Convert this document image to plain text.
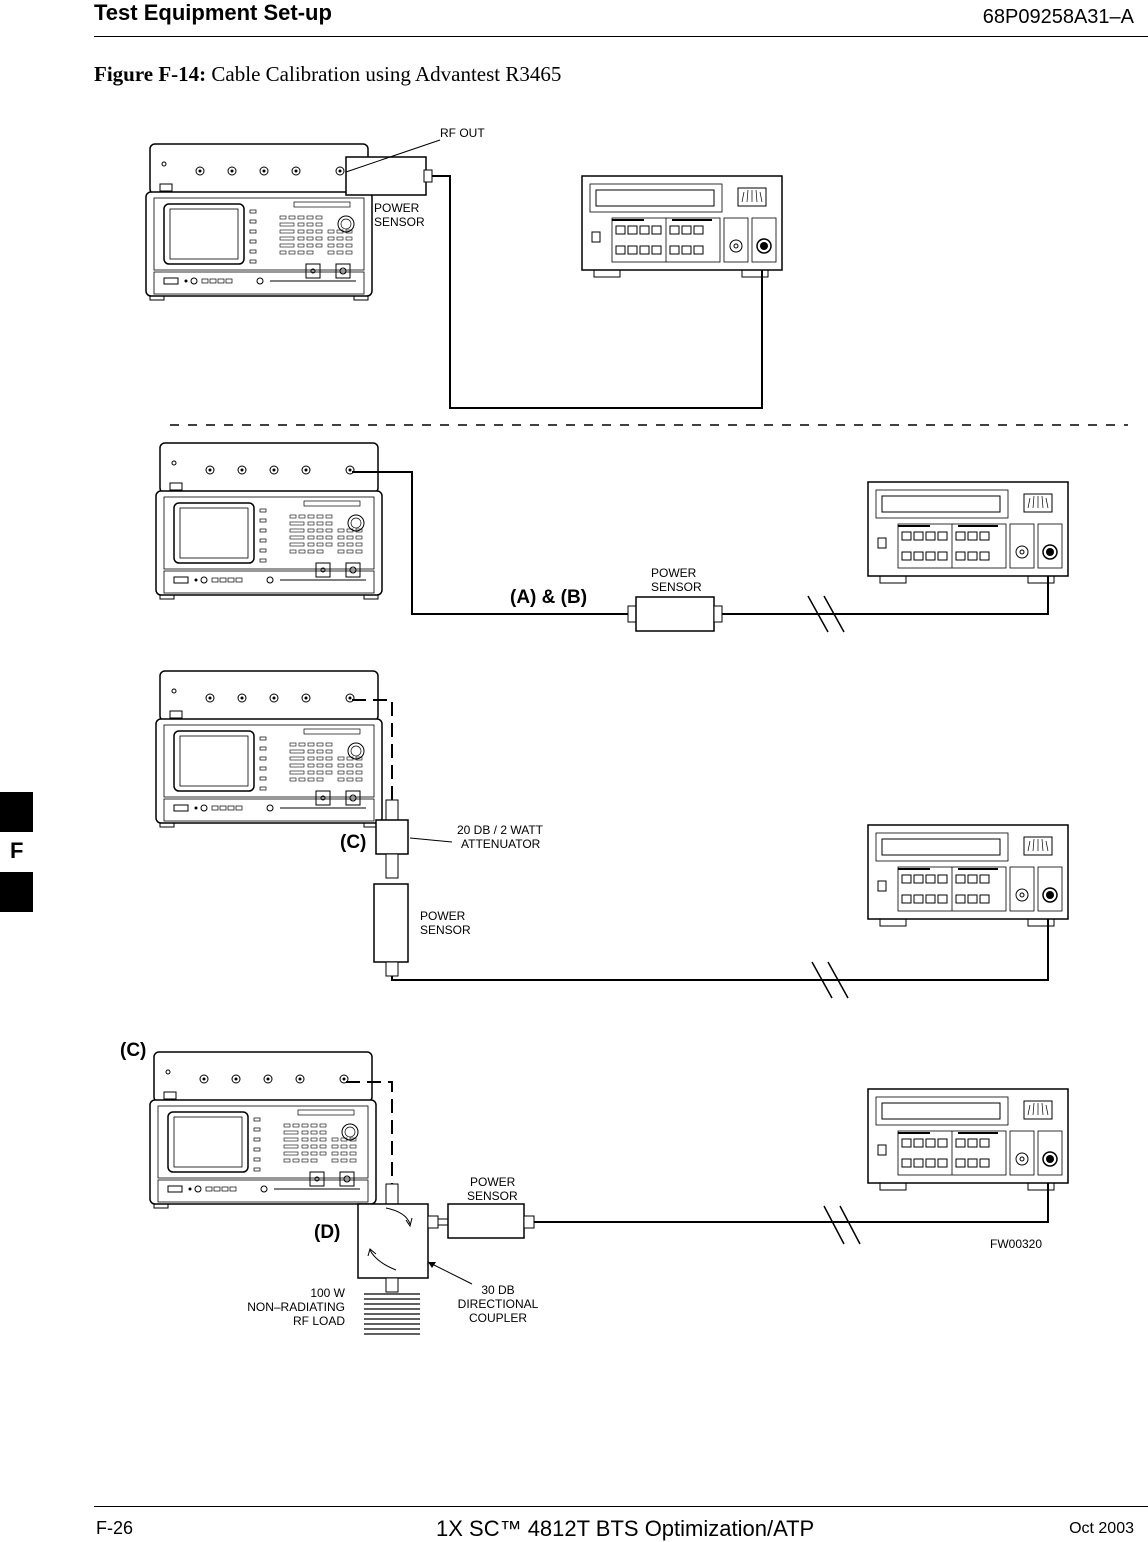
Test Equipment Set-up	68P09258A31–A
Figure F-14: Cable Calibration using Advantest R3465
RF OUT
POWER
SENSOR
(A) & (B)
POWER
SENSOR
(C)
20 DB / 2 WATT
ATTENUATOR
POWER
SENSOR
(C)
(D)
POWER
SENSOR
FW00320
100 W
NON–RADIATING
RF LOAD
30 DB
DIRECTIONAL
COUPLER
F
F-26	1X SC™ 4812T BTS Optimization/ATP	Oct 2003
